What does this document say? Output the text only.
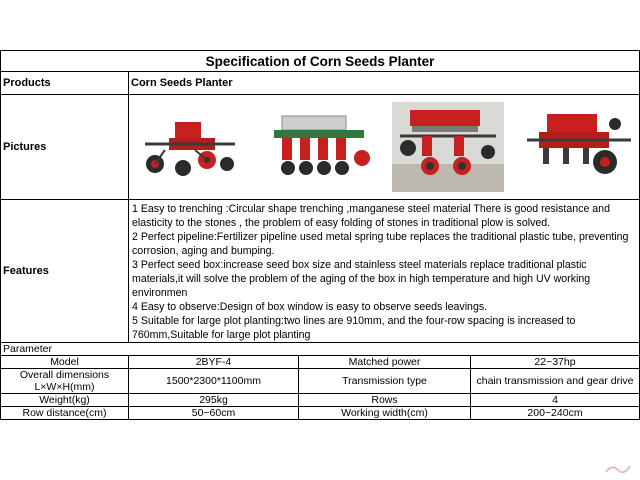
Specification of Corn Seeds Planter			
Products	Corn Seeds Planter		
Pictures	

Features	1 Easy to trenching :Circular shape trenching ,manganese steel material There is good resistance and elasticity to the stones , the problem of easy folding of stones in traditional plow is solved.
2 Perfect pipeline:Fertilizer pipeline used metal spring tube replaces the traditional plastic tube, preventing corrosion, aging and bumping.
3 Perfect seed box:increase seed box size and stainless steel materials replace traditional plastic materials,it will solve the problem of the aging of the box in high temperature and high UV working environmen
4 Easy to observe:Design of box window is easy to observe seeds leavings.
5 Suitable for large plot planting:two lines are 910mm, and the four-row spacing is increased to 760mm,Suitable for large plot planting		

Parameter			
Model	2BYF-4	Matched power	22~37hp

Overall dimensions
L×W×H(mm)	1500*2300*1100mm	Transmission type	chain transmission and gear drive
Weight(kg)	295kg	Rows	4
Row distance(cm)	50~60cm	Working width(cm)	200~240cm
